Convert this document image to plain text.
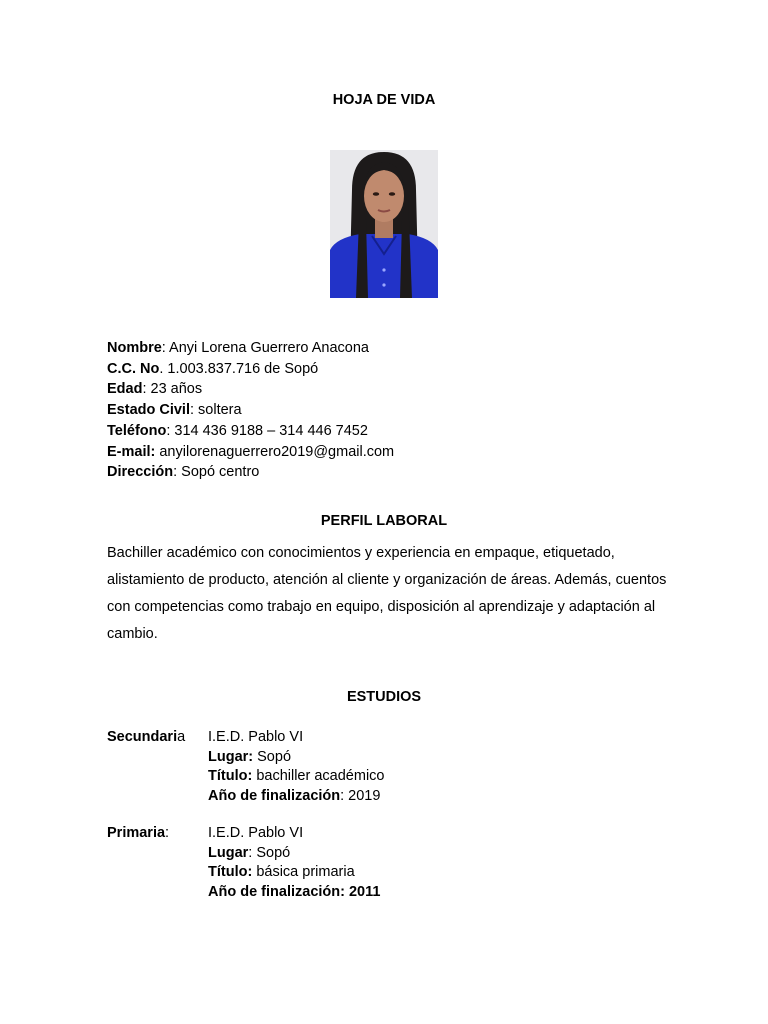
HOJA DE VIDA
Nombre: Anyi Lorena Guerrero Anacona
C.C. No. 1.003.837.716 de Sopó
Edad: 23 años
Estado Civil: soltera
Teléfono: 314 436 9188 – 314 446 7452
E-mail: anyilorenaguerrero2019@gmail.com
Dirección: Sopó centro
PERFIL LABORAL
Bachiller académico con conocimientos y experiencia en empaque, etiquetado, alistamiento de producto, atención al cliente y organización de áreas. Además, cuentos con competencias como trabajo en equipo, disposición al aprendizaje y adaptación al cambio.
ESTUDIOS
Secundaria I.E.D. Pablo VI
Lugar: Sopó
Título: bachiller académico
Año de finalización: 2019
Primaria:	I.E.D. Pablo VI
Lugar: Sopó
Título: básica primaria
Año de finalización: 2011
